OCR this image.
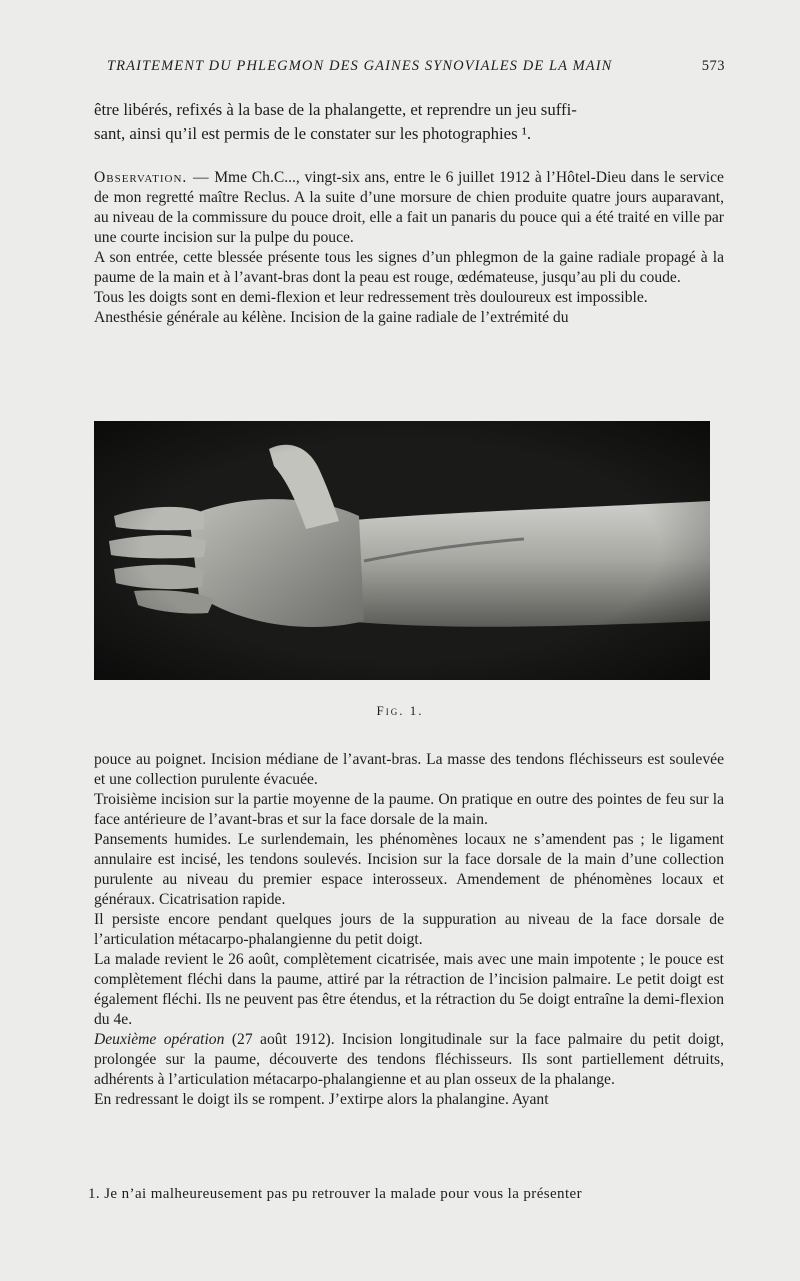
TRAITEMENT DU PHLEGMON DES GAINES SYNOVIALES DE LA MAIN	573
être libérés, refixés à la base de la phalangette, et reprendre un jeu suffi-
sant, ainsi qu’il est permis de le constater sur les photographies ¹.

Observation. — Mme Ch.C..., vingt-six ans, entre le 6 juillet 1912 à l’Hôtel-Dieu dans le service de mon regretté maître Reclus. A la suite d’une morsure de chien produite quatre jours auparavant, au niveau de la commissure du pouce droit, elle a fait un panaris du pouce qui a été traité en ville par une courte incision sur la pulpe du pouce.

A son entrée, cette blessée présente tous les signes d’un phlegmon de la gaine radiale propagé à la paume de la main et à l’avant-bras dont la peau est rouge, œdémateuse, jusqu’au pli du coude.

Tous les doigts sont en demi-flexion et leur redressement très douloureux est impossible.

Anesthésie générale au kélène. Incision de la gaine radiale de l’extrémité du

Fig. 1.

pouce au poignet. Incision médiane de l’avant-bras. La masse des tendons fléchisseurs est soulevée et une collection purulente évacuée.

Troisième incision sur la partie moyenne de la paume. On pratique en outre des pointes de feu sur la face antérieure de l’avant-bras et sur la face dorsale de la main.

Pansements humides. Le surlendemain, les phénomènes locaux ne s’amendent pas ; le ligament annulaire est incisé, les tendons soulevés. Incision sur la face dorsale de la main d’une collection purulente au niveau du premier espace interosseux. Amendement de phénomènes locaux et généraux. Cicatrisation rapide.

Il persiste encore pendant quelques jours de la suppuration au niveau de la face dorsale de l’articulation métacarpo-phalangienne du petit doigt.

La malade revient le 26 août, complètement cicatrisée, mais avec une main impotente ; le pouce est complètement fléchi dans la paume, attiré par la rétraction de l’incision palmaire. Le petit doigt est également fléchi. Ils ne peuvent pas être étendus, et la rétraction du 5e doigt entraîne la demi-flexion du 4e.

Deuxième opération (27 août 1912). Incision longitudinale sur la face palmaire du petit doigt, prolongée sur la paume, découverte des tendons fléchisseurs. Ils sont partiellement détruits, adhérents à l’articulation métacarpo-phalangienne et au plan osseux de la phalange.

En redressant le doigt ils se rompent. J’extirpe alors la phalangine. Ayant

1. Je n’ai malheureusement pas pu retrouver la malade pour vous la présenter
